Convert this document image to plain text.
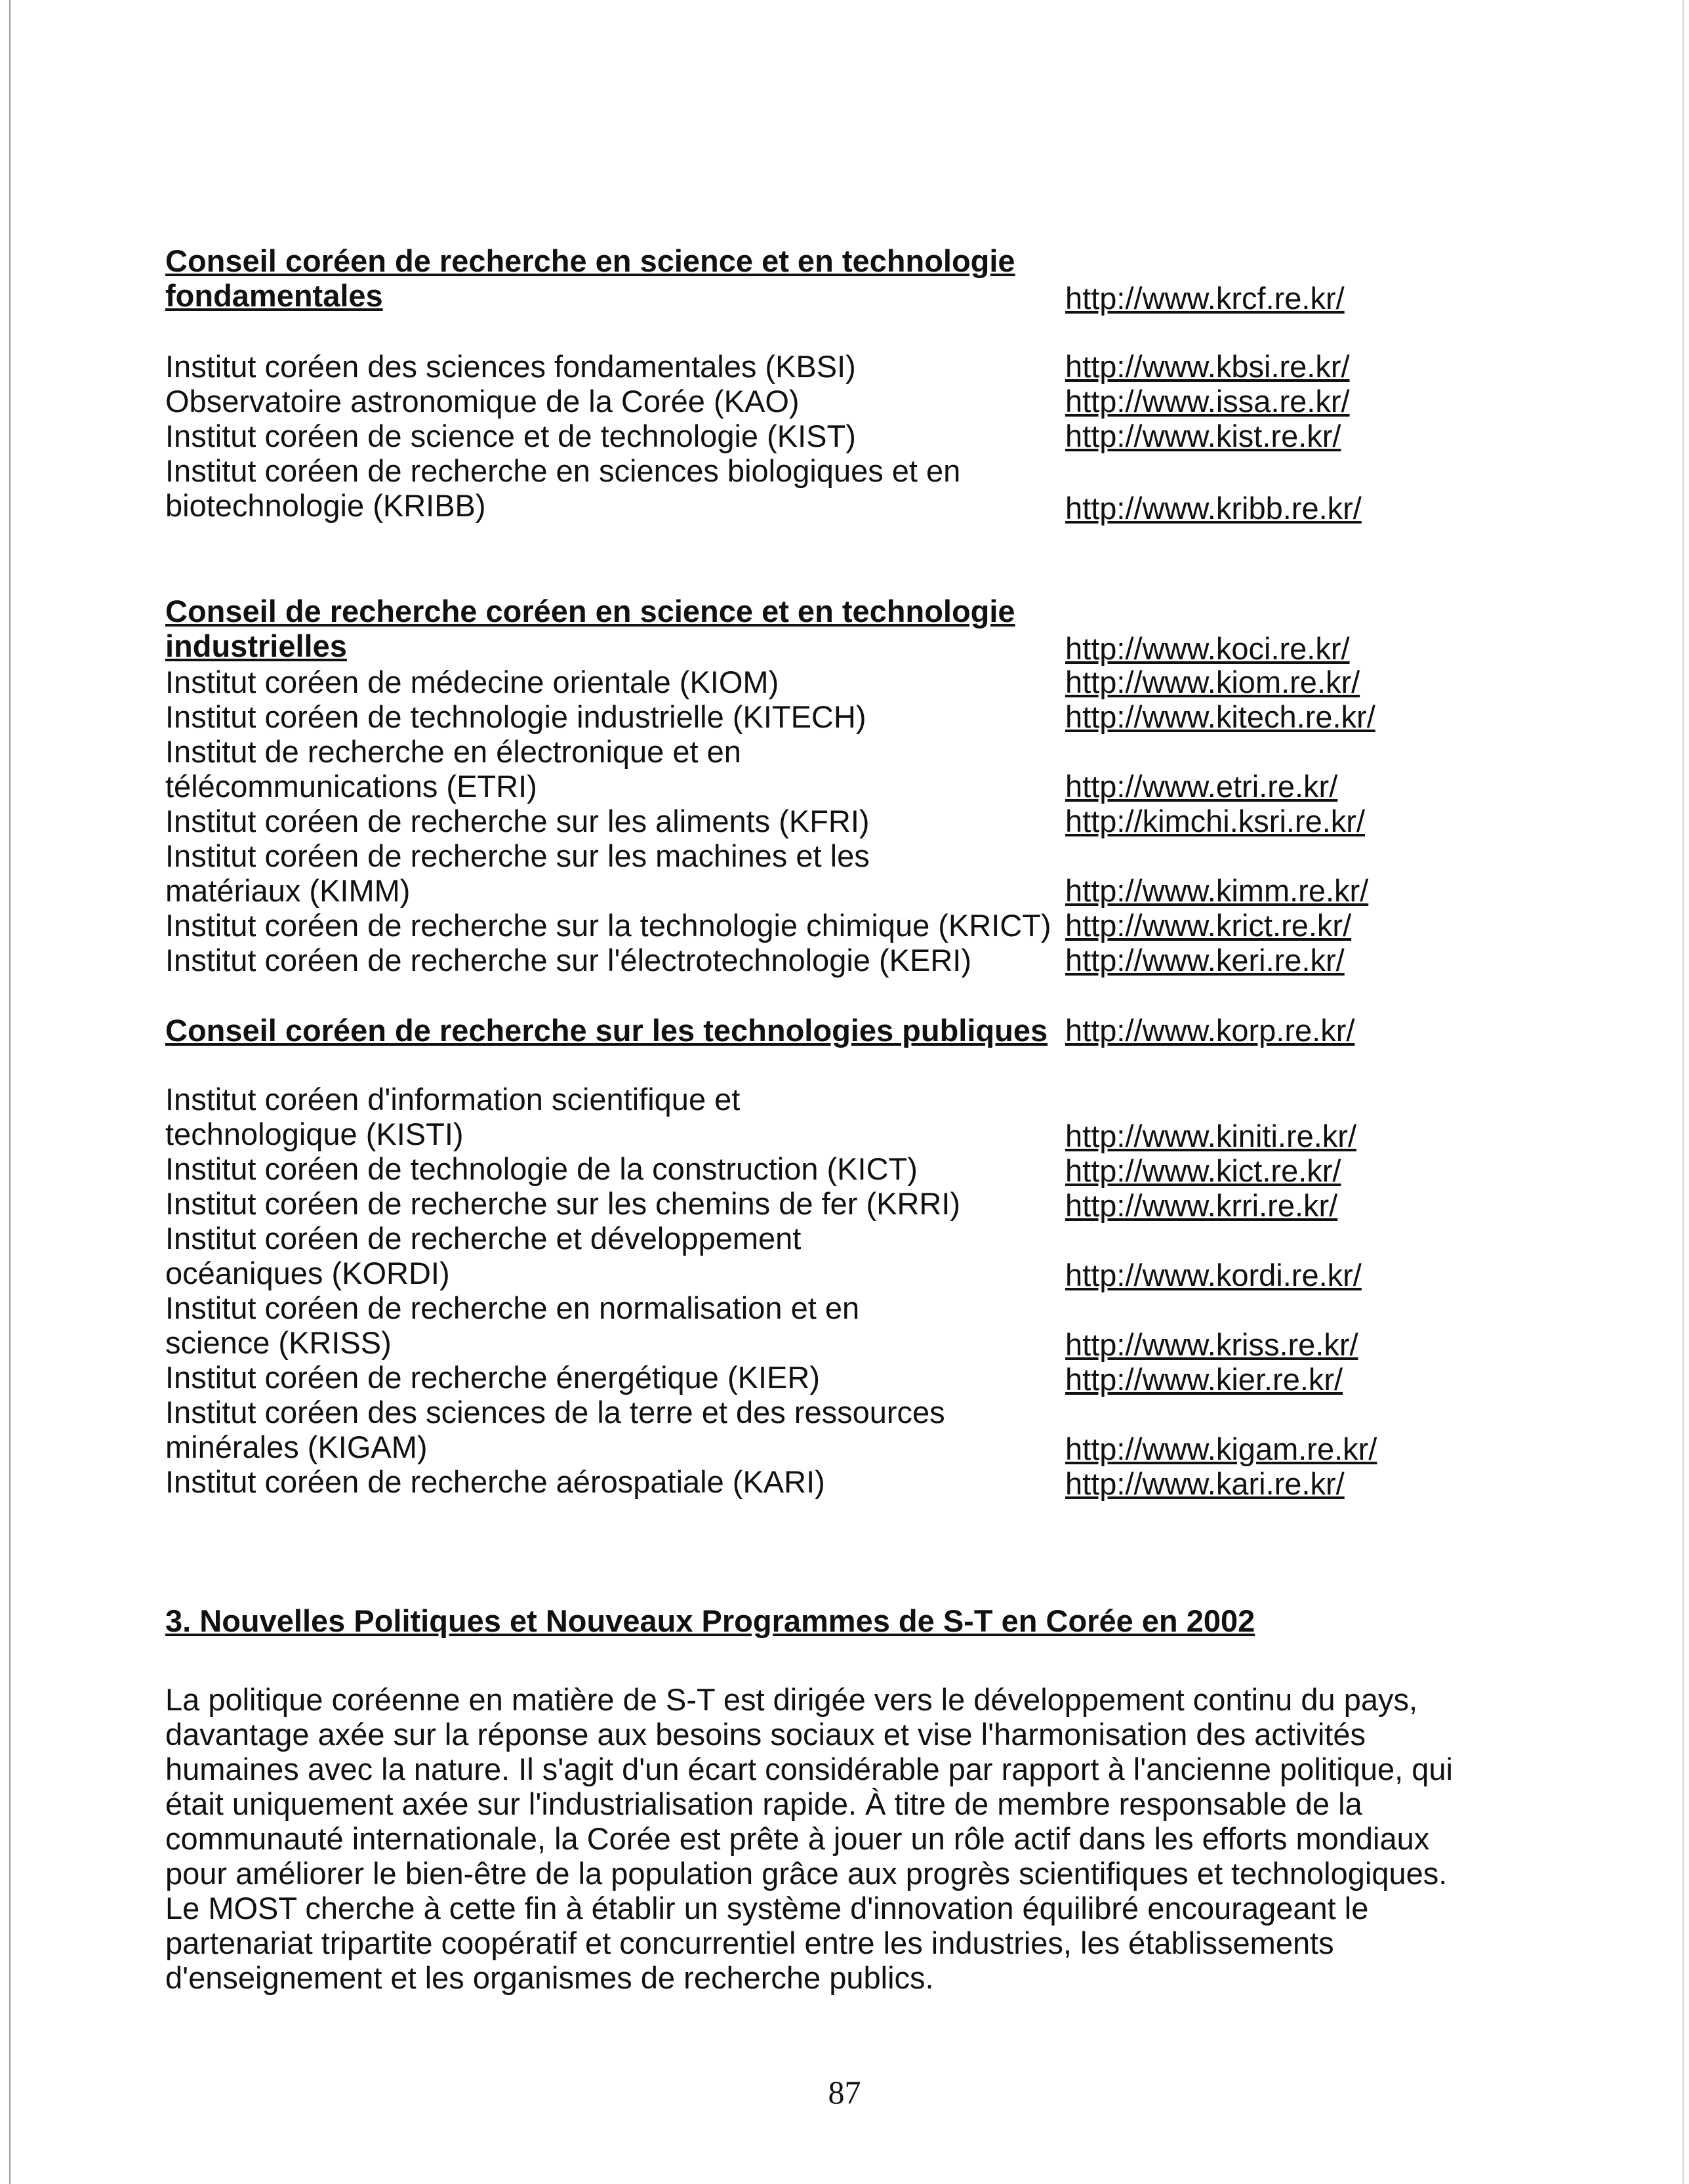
Conseil coréen de recherche en science et en technologie
fondamentales	http://www.krcf.re.kr/
Institut coréen des sciences fondamentales (KBSI)	http://www.kbsi.re.kr/
Observatoire astronomique de la Corée (KAO)	http://www.issa.re.kr/
Institut coréen de science et de technologie (KIST)	http://www.kist.re.kr/
Institut coréen de recherche en sciences biologiques et en
biotechnologie (KRIBB)	http://www.kribb.re.kr/
Conseil de recherche coréen en science et en technologie
industrielles	http://www.koci.re.kr/
Institut coréen de médecine orientale (KIOM)	http://www.kiom.re.kr/
Institut coréen de technologie industrielle (KITECH)	http://www.kitech.re.kr/
Institut de recherche en électronique et en
télécommunications (ETRI)	http://www.etri.re.kr/
Institut coréen de recherche sur les aliments (KFRI)	http://kimchi.ksri.re.kr/
Institut coréen de recherche sur les machines et les
matériaux (KIMM)	http://www.kimm.re.kr/
Institut coréen de recherche sur la technologie chimique (KRICT) http://www.krict.re.kr/
Institut coréen de recherche sur l'électrotechnologie (KERI)	http://www.keri.re.kr/
Conseil coréen de recherche sur les technologies publiques http://www.korp.re.kr/
Institut coréen d'information scientifique et
technologique (KISTI)	http://www.kiniti.re.kr/
Institut coréen de technologie de la construction (KICT)	http://www.kict.re.kr/
Institut coréen de recherche sur les chemins de fer (KRRI)	http://www.krri.re.kr/
Institut coréen de recherche et développement
océaniques (KORDI)	http://www.kordi.re.kr/
Institut coréen de recherche en normalisation et en
science (KRISS)	http://www.kriss.re.kr/
Institut coréen de recherche énergétique (KIER)	http://www.kier.re.kr/
Institut coréen des sciences de la terre et des ressources
minérales (KIGAM)	http://www.kigam.re.kr/
Institut coréen de recherche aérospatiale (KARI)	http://www.kari.re.kr/
3. Nouvelles Politiques et Nouveaux Programmes de S-T en Corée en 2002
La politique coréenne en matière de S-T est dirigée vers le développement continu du pays,
davantage axée sur la réponse aux besoins sociaux et vise l'harmonisation des activités
humaines avec la nature. Il s'agit d'un écart considérable par rapport à l'ancienne politique, qui
était uniquement axée sur l'industrialisation rapide. À titre de membre responsable de la
communauté internationale, la Corée est prête à jouer un rôle actif dans les efforts mondiaux
pour améliorer le bien-être de la population grâce aux progrès scientifiques et technologiques.
Le MOST cherche à cette fin à établir un système d'innovation équilibré encourageant le
partenariat tripartite coopératif et concurrentiel entre les industries, les établissements
d'enseignement et les organismes de recherche publics.
87
